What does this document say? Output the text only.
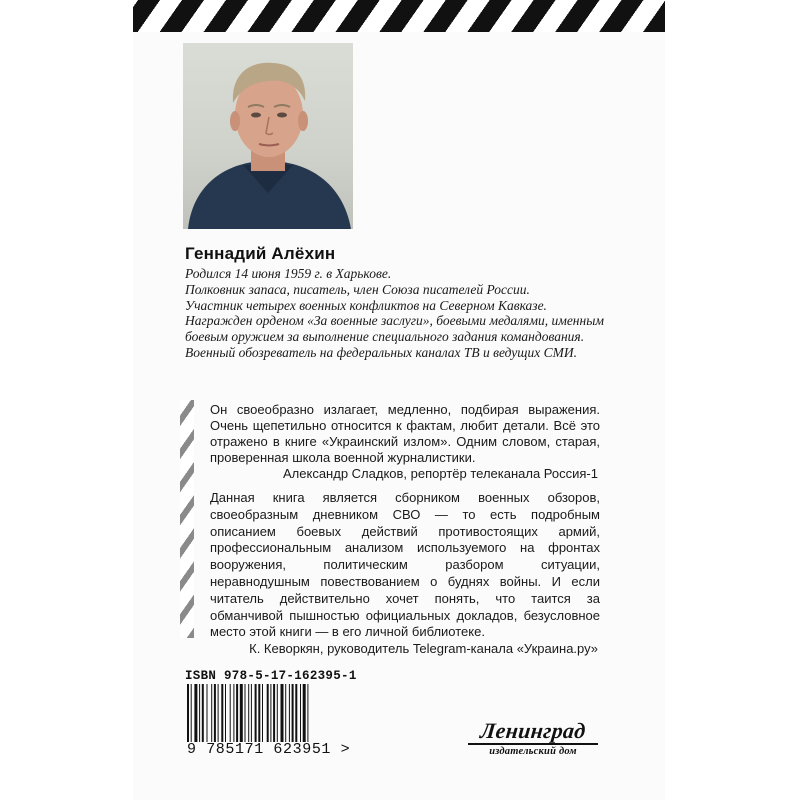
Геннадий Алёхин

Родился 14 июня 1959 г. в Харькове.

Полковник запаса, писатель, член Союза писателей России.

Участник четырех военных конфликтов на Северном Кавказе.

Награжден орденом «За военные заслуги», боевыми медалями, именным боевым оружием за выполнение специального задания командования.

Военный обозреватель на федеральных каналах ТВ и ведущих СМИ.

Он своеобразно излагает, медленно, подбирая выражения. Очень щепетильно относится к фактам, любит детали. Всё это отражено в книге «Украинский излом». Одним словом, старая, проверенная школа военной журналистики.

Александр Сладков, репортёр телеканала Россия-1

Данная книга является сборником военных обзоров, своеобразным дневником СВО — то есть подробным описанием боевых действий противостоящих армий, профессиональным анализом используемого на фронтах вооружения, политическим разбором ситуации, неравнодушным повествованием о буднях войны. И если читатель действительно хочет понять, что таится за обманчивой пышностью официальных докладов, безусловное место этой книги — в его личной библиотеке.

К. Кеворкян, руководитель Telegram-канала «Украина.ру»

ISBN 978-5-17-162395-1
9 785171 623951 >
Ленинград
издательский дом
